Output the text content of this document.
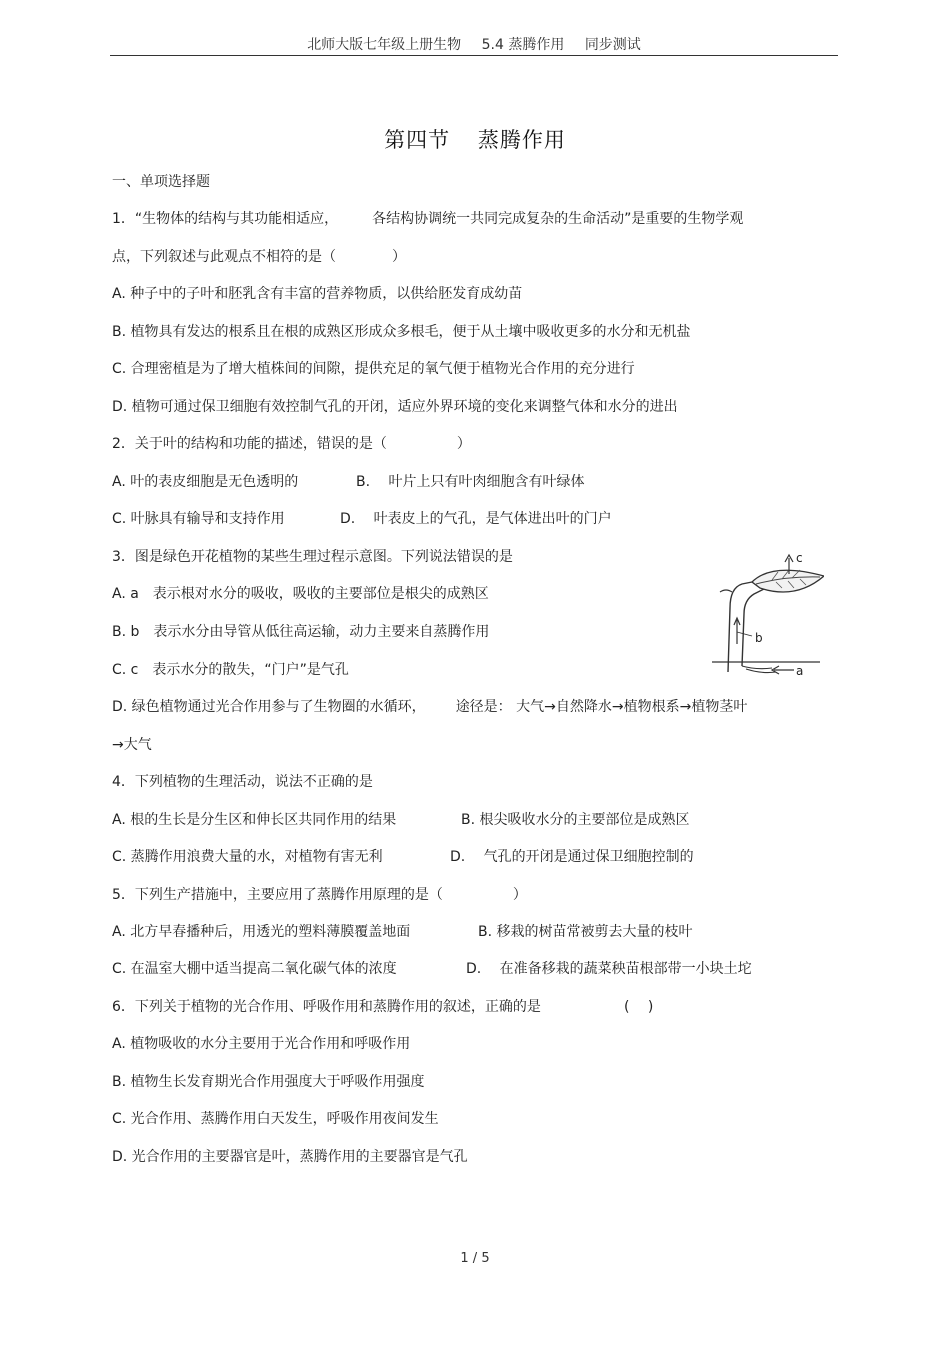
北师大版七年级上册生物 5.4 蒸腾作用 同步测试
第四节 蒸腾作用
一、单项选择题
1．“生物体的结构与其功能相适应， 各结构协调统一共同完成复杂的生命活动”是重要的生物学观
点，下列叙述与此观点不相符的是（　　　　）
A. 种子中的子叶和胚乳含有丰富的营养物质，以供给胚发育成幼苗
B. 植物具有发达的根系且在根的成熟区形成众多根毛，便于从土壤中吸收更多的水分和无机盐
C. 合理密植是为了增大植株间的间隙，提供充足的氧气便于植物光合作用的充分进行
D. 植物可通过保卫细胞有效控制气孔的开闭，适应外界环境的变化来调整气体和水分的进出
2．关于叶的结构和功能的描述，错误的是（　　　　　）
A. 叶的表皮细胞是无色透明的	B.　 叶片上只有叶肉细胞含有叶绿体
C. 叶脉具有输导和支持作用	D.　 叶表皮上的气孔，是气体进出叶的门户
3．图是绿色开花植物的某些生理过程示意图。下列说法错误的是
A. a　表示根对水分的吸收，吸收的主要部位是根尖的成熟区
B. b　表示水分由导管从低往高运输，动力主要来自蒸腾作用
C. c　表示水分的散失，“门户”是气孔
D. 绿色植物通过光合作用参与了生物圈的水循环， 途径是： 大气→自然降水→植物根系→植物茎叶
→大气
c
b
a
4．下列植物的生理活动，说法不正确的是
A. 根的生长是分生区和伸长区共同作用的结果	B. 根尖吸收水分的主要部位是成熟区
C. 蒸腾作用浪费大量的水，对植物有害无利	D.　 气孔的开闭是通过保卫细胞控制的
5．下列生产措施中，主要应用了蒸腾作用原理的是（　　　　　）
A. 北方早春播种后，用透光的塑料薄膜覆盖地面	B. 移栽的树苗常被剪去大量的枝叶
C. 在温室大棚中适当提高二氧化碳气体的浓度	D.　 在准备移栽的蔬菜秧苗根部带一小块土坨
6．下列关于植物的光合作用、呼吸作用和蒸腾作用的叙述，正确的是	(　 )
A. 植物吸收的水分主要用于光合作用和呼吸作用
B. 植物生长发育期光合作用强度大于呼吸作用强度
C. 光合作用、蒸腾作用白天发生，呼吸作用夜间发生
D. 光合作用的主要器官是叶，蒸腾作用的主要器官是气孔
1 / 5
